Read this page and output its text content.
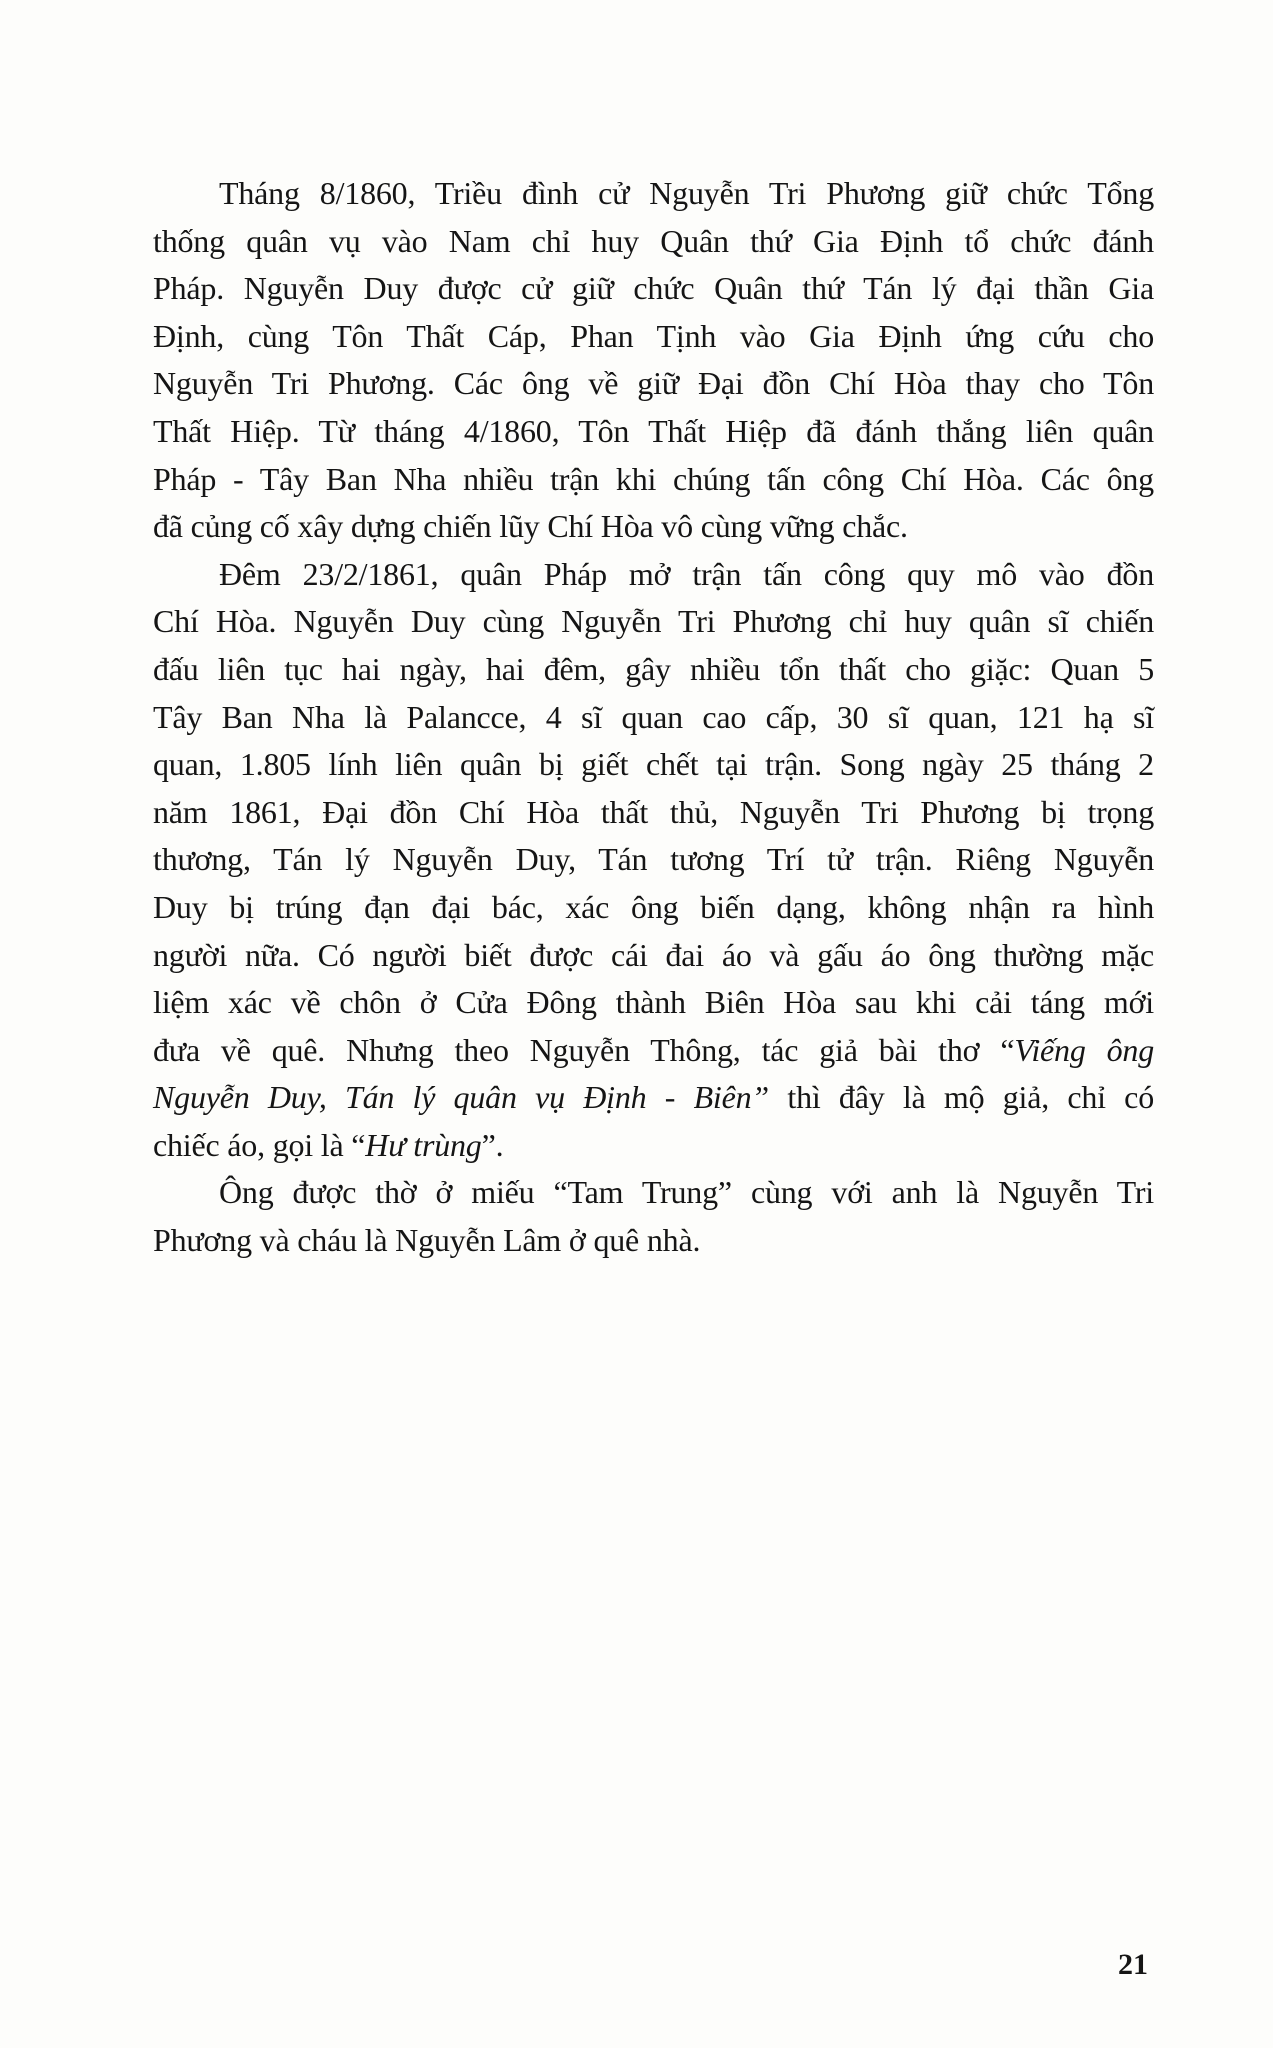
Tháng 8/1860, Triều đình cử Nguyễn Tri Phương giữ chức Tổng
thống quân vụ vào Nam chỉ huy Quân thứ Gia Định tổ chức đánh
Pháp. Nguyễn Duy được cử giữ chức Quân thứ Tán lý đại thần Gia
Định, cùng Tôn Thất Cáp, Phan Tịnh vào Gia Định ứng cứu cho
Nguyễn Tri Phương. Các ông về giữ Đại đồn Chí Hòa thay cho Tôn
Thất Hiệp. Từ tháng 4/1860, Tôn Thất Hiệp đã đánh thắng liên quân
Pháp - Tây Ban Nha nhiều trận khi chúng tấn công Chí Hòa. Các ông
đã củng cố xây dựng chiến lũy Chí Hòa vô cùng vững chắc.
Đêm 23/2/1861, quân Pháp mở trận tấn công quy mô vào đồn
Chí Hòa. Nguyễn Duy cùng Nguyễn Tri Phương chỉ huy quân sĩ chiến
đấu liên tục hai ngày, hai đêm, gây nhiều tổn thất cho giặc: Quan 5
Tây Ban Nha là Palancce, 4 sĩ quan cao cấp, 30 sĩ quan, 121 hạ sĩ
quan, 1.805 lính liên quân bị giết chết tại trận. Song ngày 25 tháng 2
năm 1861, Đại đồn Chí Hòa thất thủ, Nguyễn Tri Phương bị trọng
thương, Tán lý Nguyễn Duy, Tán tương Trí tử trận. Riêng Nguyễn
Duy bị trúng đạn đại bác, xác ông biến dạng, không nhận ra hình
người nữa. Có người biết được cái đai áo và gấu áo ông thường mặc
liệm xác về chôn ở Cửa Đông thành Biên Hòa sau khi cải táng mới
đưa về quê. Nhưng theo Nguyễn Thông, tác giả bài thơ “Viếng ông
Nguyễn Duy, Tán lý quân vụ Định - Biên” thì đây là mộ giả, chỉ có
chiếc áo, gọi là “Hư trùng”.
Ông được thờ ở miếu “Tam Trung” cùng với anh là Nguyễn Tri
Phương và cháu là Nguyễn Lâm ở quê nhà.
21
